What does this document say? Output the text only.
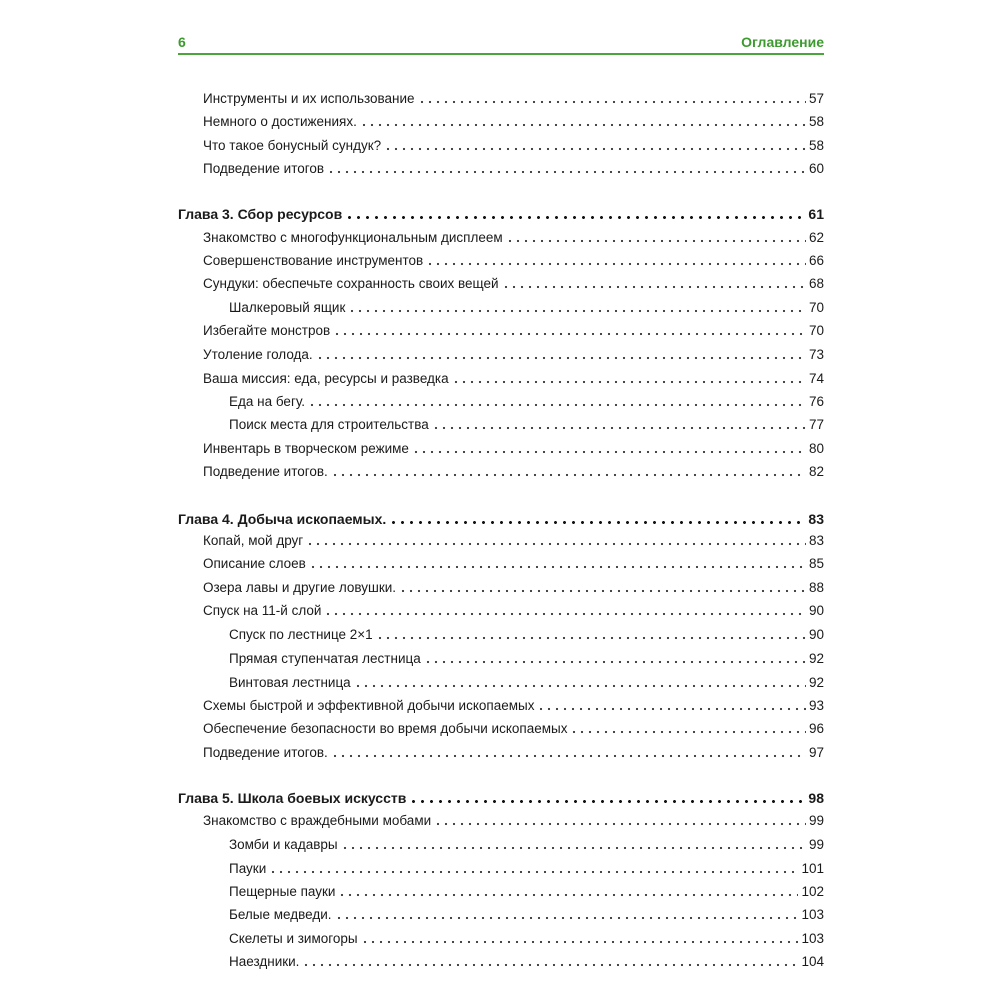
6	Оглавление
Инструменты и их использование	57
Немного о достижениях.	58
Что такое бонусный сундук?	58
Подведение итогов	60
Глава 3. Сбор ресурсов	61
Знакомство с многофункциональным дисплеем	62
Совершенствование инструментов	66
Сундуки: обеспечьте сохранность своих вещей	68
Шалкеровый ящик	70
Избегайте монстров	70
Утоление голода.	73
Ваша миссия: еда, ресурсы и разведка	74
Еда на бегу.	76
Поиск места для строительства	77
Инвентарь в творческом режиме	80
Подведение итогов.	82
Глава 4. Добыча ископаемых.	83
Копай, мой друг	83
Описание слоев	85
Озера лавы и другие ловушки.	88
Спуск на 11-й слой	90
Спуск по лестнице 2×1	90
Прямая ступенчатая лестница	92
Винтовая лестница	92
Схемы быстрой и эффективной добычи ископаемых	93
Обеспечение безопасности во время добычи ископаемых	96
Подведение итогов.	97
Глава 5. Школа боевых искусств	98
Знакомство с враждебными мобами	99
Зомби и кадавры	99
Пауки	101
Пещерные пауки	102
Белые медведи.	103
Скелеты и зимогоры	103
Наездники.	104
